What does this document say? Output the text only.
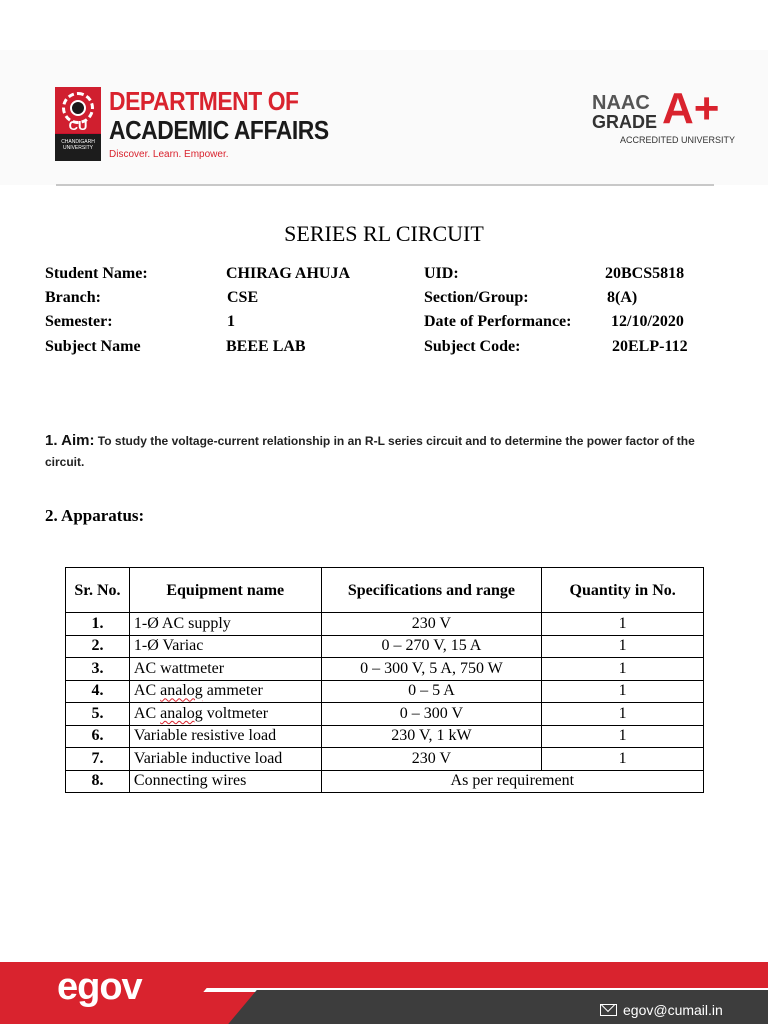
CU
CHANDIGARH UNIVERSITY
DEPARTMENT OF
ACADEMIC AFFAIRS
Discover. Learn. Empower.
NAAC
GRADE A+
ACCREDITED UNIVERSITY
SERIES RL CIRCUIT
Student Name:	CHIRAG AHUJA	UID:	20BCS5818
Branch:	CSE	Section/Group:	8(A)
Semester:	1	Date of Performance: 12/10/2020
Subject Name	BEEE LAB	Subject Code:	20ELP-112
1. Aim: To study the voltage-current relationship in an R-L series circuit and to determine the power factor of the circuit.
2. Apparatus:
Sr. No.	Equipment name	Specifications and range	Quantity in No.
1.	1-Ø AC supply	230 V	1
2.	1-Ø Variac	0 – 270 V, 15 A	1
3.	AC wattmeter	0 – 300 V, 5 A, 750 W	1
4.	AC analog ammeter	0 – 5 A	1
5.	AC analog voltmeter	0 – 300 V	1
6.	Variable resistive load	230 V, 1 kW	1
7.	Variable inductive load	230 V	1
8.	Connecting wires	As per requirement	
egov
egov@cumail.in
